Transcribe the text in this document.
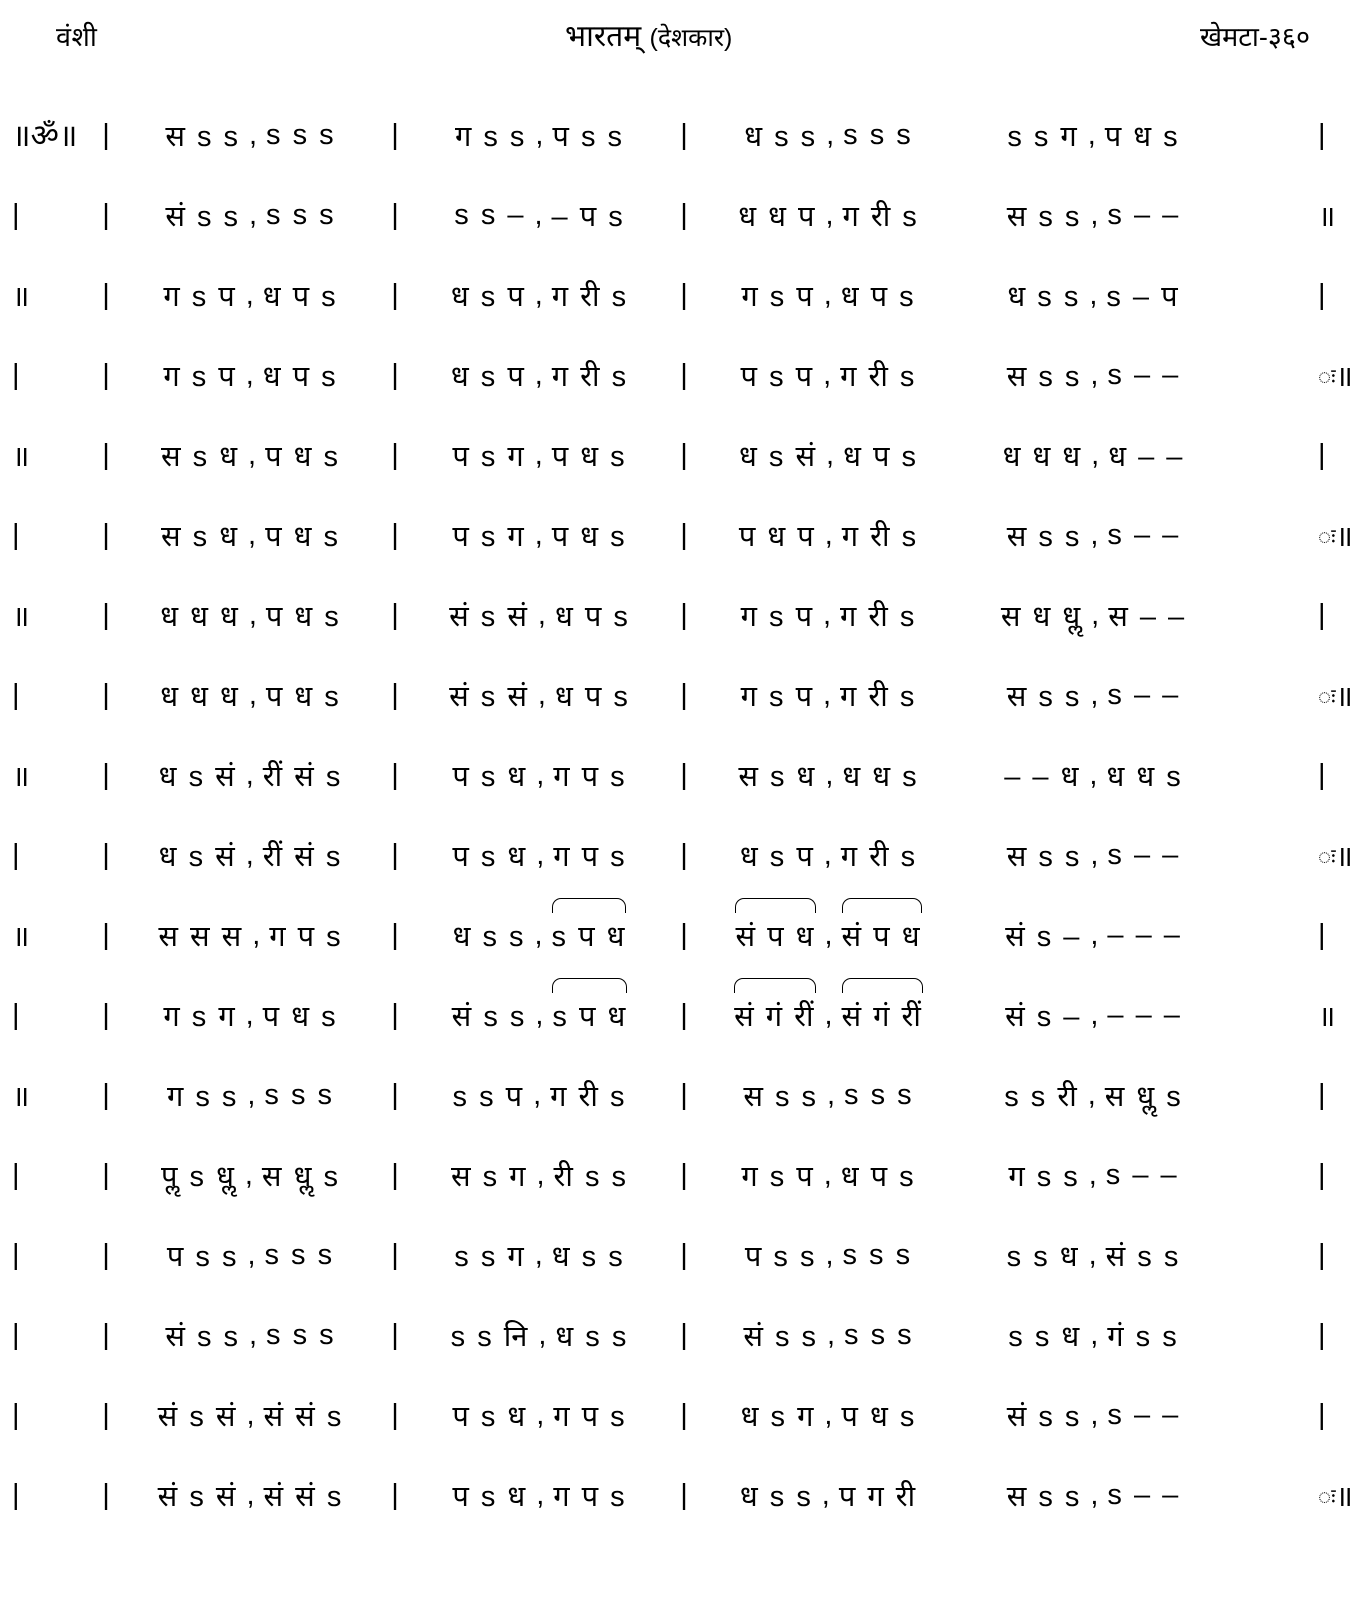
वंशी	भारतम् (देशकार)	खेमटा-३६०
॥ॐ॥ | स s s , s s s | ग s s , प s s | ध s s , s s s	s s ग , प ध s	|
|	| सं s s , s s s | s s – , – प s | ध ध प , ग री s	स s s , s – –	॥
॥	| ग s प , ध प s | ध s प , ग री s | ग s प , ध प s	ध s s , s – प	|
|	| ग s प , ध प s | ध s प , ग री s | प s प , ग री s	स s s , s – –	ः॥
॥	| स s ध , प ध s | प s ग , प ध s | ध s सं , ध प s	ध ध ध , ध – –	|
|	| स s ध , प ध s | प s ग , प ध s | प ध प , ग री s	स s s , s – –	ः॥
॥	| ध ध ध , प ध s | सं s सं , ध प s | ग s प , ग री s	स ध धॢ , स – –	|
|	| ध ध ध , प ध s | सं s सं , ध प s | ग s प , ग री s	स s s , s – –	ः॥
॥	| ध s सं , रीं सं s | प s ध , ग प s | स s ध , ध ध s	– – ध , ध ध s	|
|	| ध s सं , रीं सं s | प s ध , ग प s | ध s प , ग री s	स s s , s – –	ः॥
॥	| स स स , ग प s | ध s s , s प ध | सं प ध , सं प ध	सं s – , – – –	|
|	| ग s ग , प ध s | सं s s , s प ध | सं गं रीं , सं गं रीं	सं s – , – – –	॥
॥	| ग s s , s s s | s s प , ग री s | स s s , s s s	s s री , स धॢ s	|
|	| पॢ s धॢ , स धॢ s | स s ग , री s s | ग s प , ध प s	ग s s , s – –	|
|	| प s s , s s s | s s ग , ध s s | प s s , s s s	s s ध , सं s s	|
|	| सं s s , s s s | s s नि , ध s s | सं s s , s s s	s s ध , गं s s	|
|	| सं s सं , सं सं s | प s ध , ग प s | ध s ग , प ध s	सं s s , s – –	|
|	| सं s सं , सं सं s | प s ध , ग प s | ध s s , प ग री	स s s , s – –	ः॥
